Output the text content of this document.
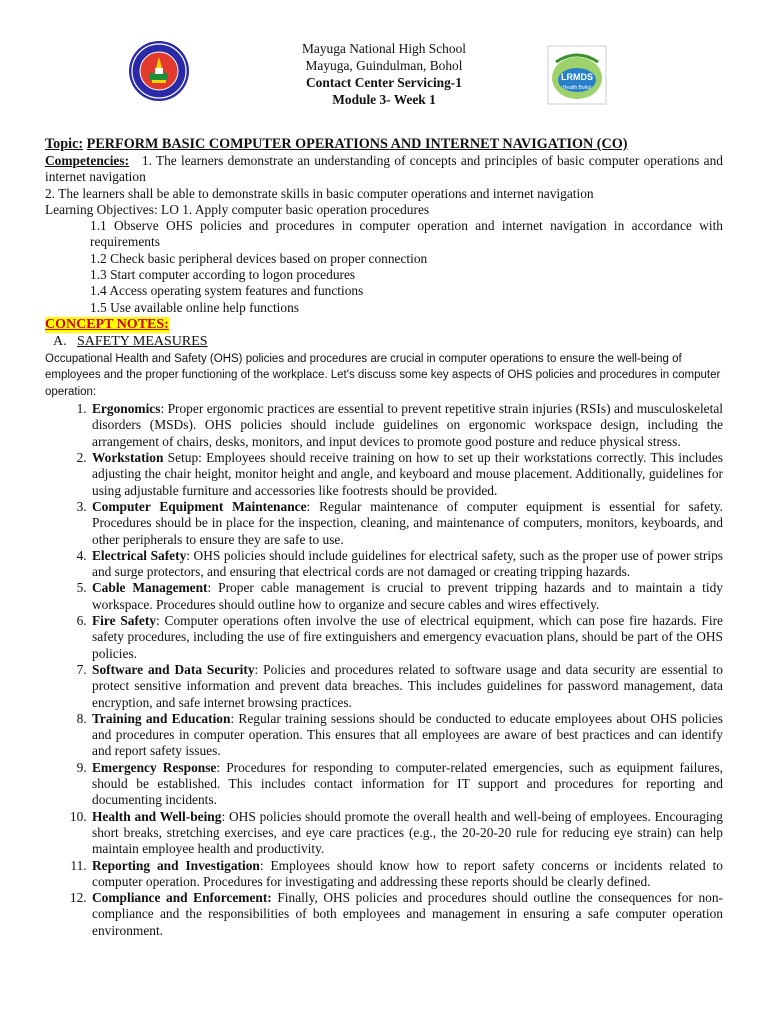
Mayuga National High School
Mayuga, Guindulman, Bohol
Contact Center Servicing-1
Module 3- Week 1
LRMDS
Health Bohol
Topic: PERFORM BASIC COMPUTER OPERATIONS AND INTERNET NAVIGATION (CO)
Competencies: 1. The learners demonstrate an understanding of concepts and principles of basic computer operations and internet navigation
2. The learners shall be able to demonstrate skills in basic computer operations and internet navigation
Learning Objectives: LO 1. Apply computer basic operation procedures
1.1 Observe OHS policies and procedures in computer operation and internet navigation in accordance with requirements
1.2 Check basic peripheral devices based on proper connection
1.3 Start computer according to logon procedures
1.4 Access operating system features and functions
1.5 Use available online help functions
CONCEPT NOTES:
A. SAFETY MEASURES
Occupational Health and Safety (OHS) policies and procedures are crucial in computer operations to ensure the well-being of employees and the proper functioning of the workplace. Let's discuss some key aspects of OHS policies and procedures in computer operation:
1. Ergonomics: Proper ergonomic practices are essential to prevent repetitive strain injuries (RSIs) and musculoskeletal disorders (MSDs). OHS policies should include guidelines on ergonomic workspace design, including the arrangement of chairs, desks, monitors, and input devices to promote good posture and reduce physical stress.
2. Workstation Setup: Employees should receive training on how to set up their workstations correctly. This includes adjusting the chair height, monitor height and angle, and keyboard and mouse placement. Additionally, guidelines for using adjustable furniture and accessories like footrests should be provided.
3. Computer Equipment Maintenance: Regular maintenance of computer equipment is essential for safety. Procedures should be in place for the inspection, cleaning, and maintenance of computers, monitors, keyboards, and other peripherals to ensure they are safe to use.
4. Electrical Safety: OHS policies should include guidelines for electrical safety, such as the proper use of power strips and surge protectors, and ensuring that electrical cords are not damaged or creating tripping hazards.
5. Cable Management: Proper cable management is crucial to prevent tripping hazards and to maintain a tidy workspace. Procedures should outline how to organize and secure cables and wires effectively.
6. Fire Safety: Computer operations often involve the use of electrical equipment, which can pose fire hazards. Fire safety procedures, including the use of fire extinguishers and emergency evacuation plans, should be part of the OHS policies.
7. Software and Data Security: Policies and procedures related to software usage and data security are essential to protect sensitive information and prevent data breaches. This includes guidelines for password management, data encryption, and safe internet browsing practices.
8. Training and Education: Regular training sessions should be conducted to educate employees about OHS policies and procedures in computer operation. This ensures that all employees are aware of best practices and can identify and report safety issues.
9. Emergency Response: Procedures for responding to computer-related emergencies, such as equipment failures, should be established. This includes contact information for IT support and procedures for reporting and documenting incidents.
10. Health and Well-being: OHS policies should promote the overall health and well-being of employees. Encouraging short breaks, stretching exercises, and eye care practices (e.g., the 20-20-20 rule for reducing eye strain) can help maintain employee health and productivity.
11. Reporting and Investigation: Employees should know how to report safety concerns or incidents related to computer operation. Procedures for investigating and addressing these reports should be clearly defined.
12. Compliance and Enforcement: Finally, OHS policies and procedures should outline the consequences for non-compliance and the responsibilities of both employees and management in ensuring a safe computer operation environment.
